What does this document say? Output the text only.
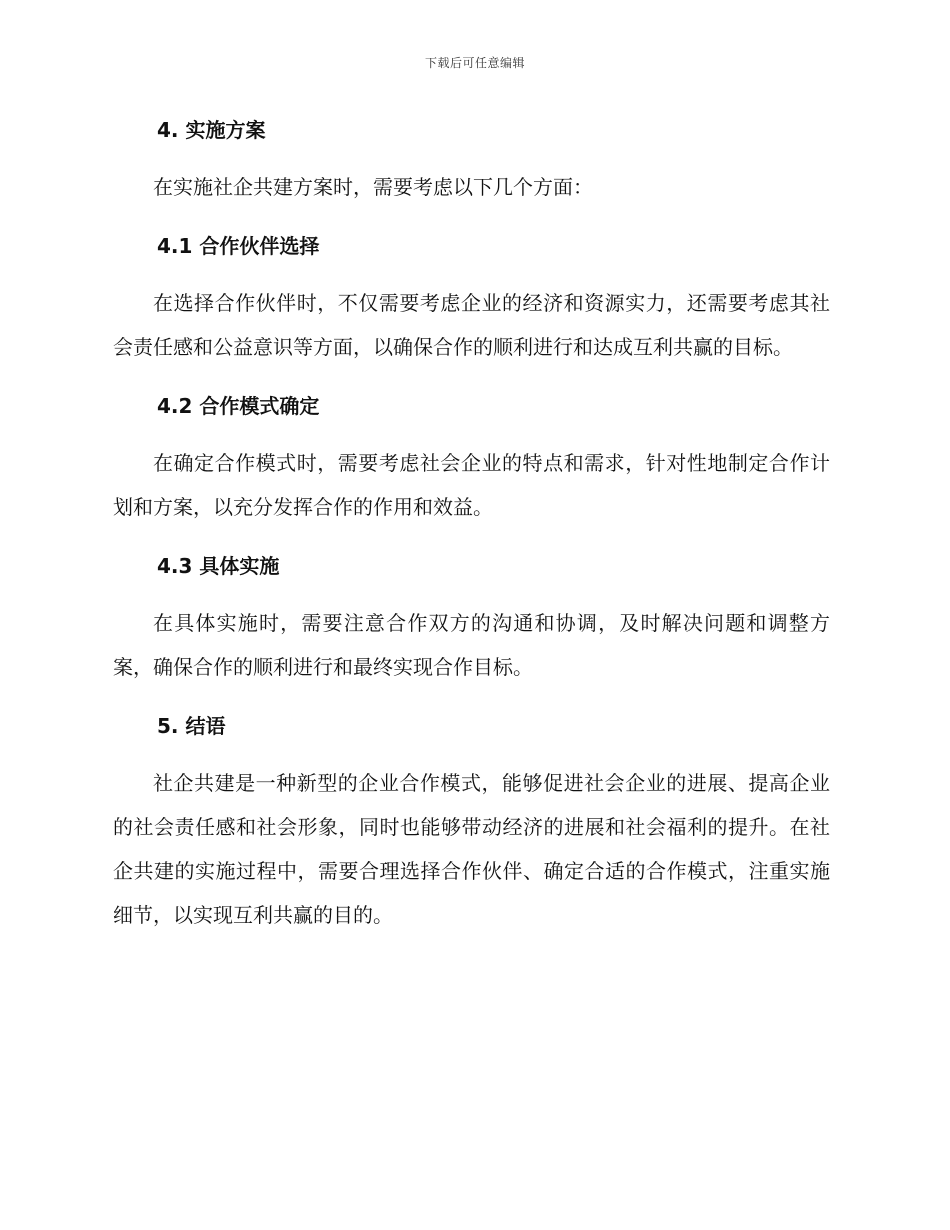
下载后可任意编辑
4. 实施方案

在实施社企共建方案时，需要考虑以下几个方面：

4.1 合作伙伴选择

在选择合作伙伴时，不仅需要考虑企业的经济和资源实力，还需要考虑其社会责任感和公益意识等方面，以确保合作的顺利进行和达成互利共赢的目标。

4.2 合作模式确定

在确定合作模式时，需要考虑社会企业的特点和需求，针对性地制定合作计划和方案，以充分发挥合作的作用和效益。

4.3 具体实施

在具体实施时，需要注意合作双方的沟通和协调，及时解决问题和调整方案，确保合作的顺利进行和最终实现合作目标。

5. 结语

社企共建是一种新型的企业合作模式，能够促进社会企业的进展、提高企业的社会责任感和社会形象，同时也能够带动经济的进展和社会福利的提升。在社企共建的实施过程中，需要合理选择合作伙伴、确定合适的合作模式，注重实施细节，以实现互利共赢的目的。
